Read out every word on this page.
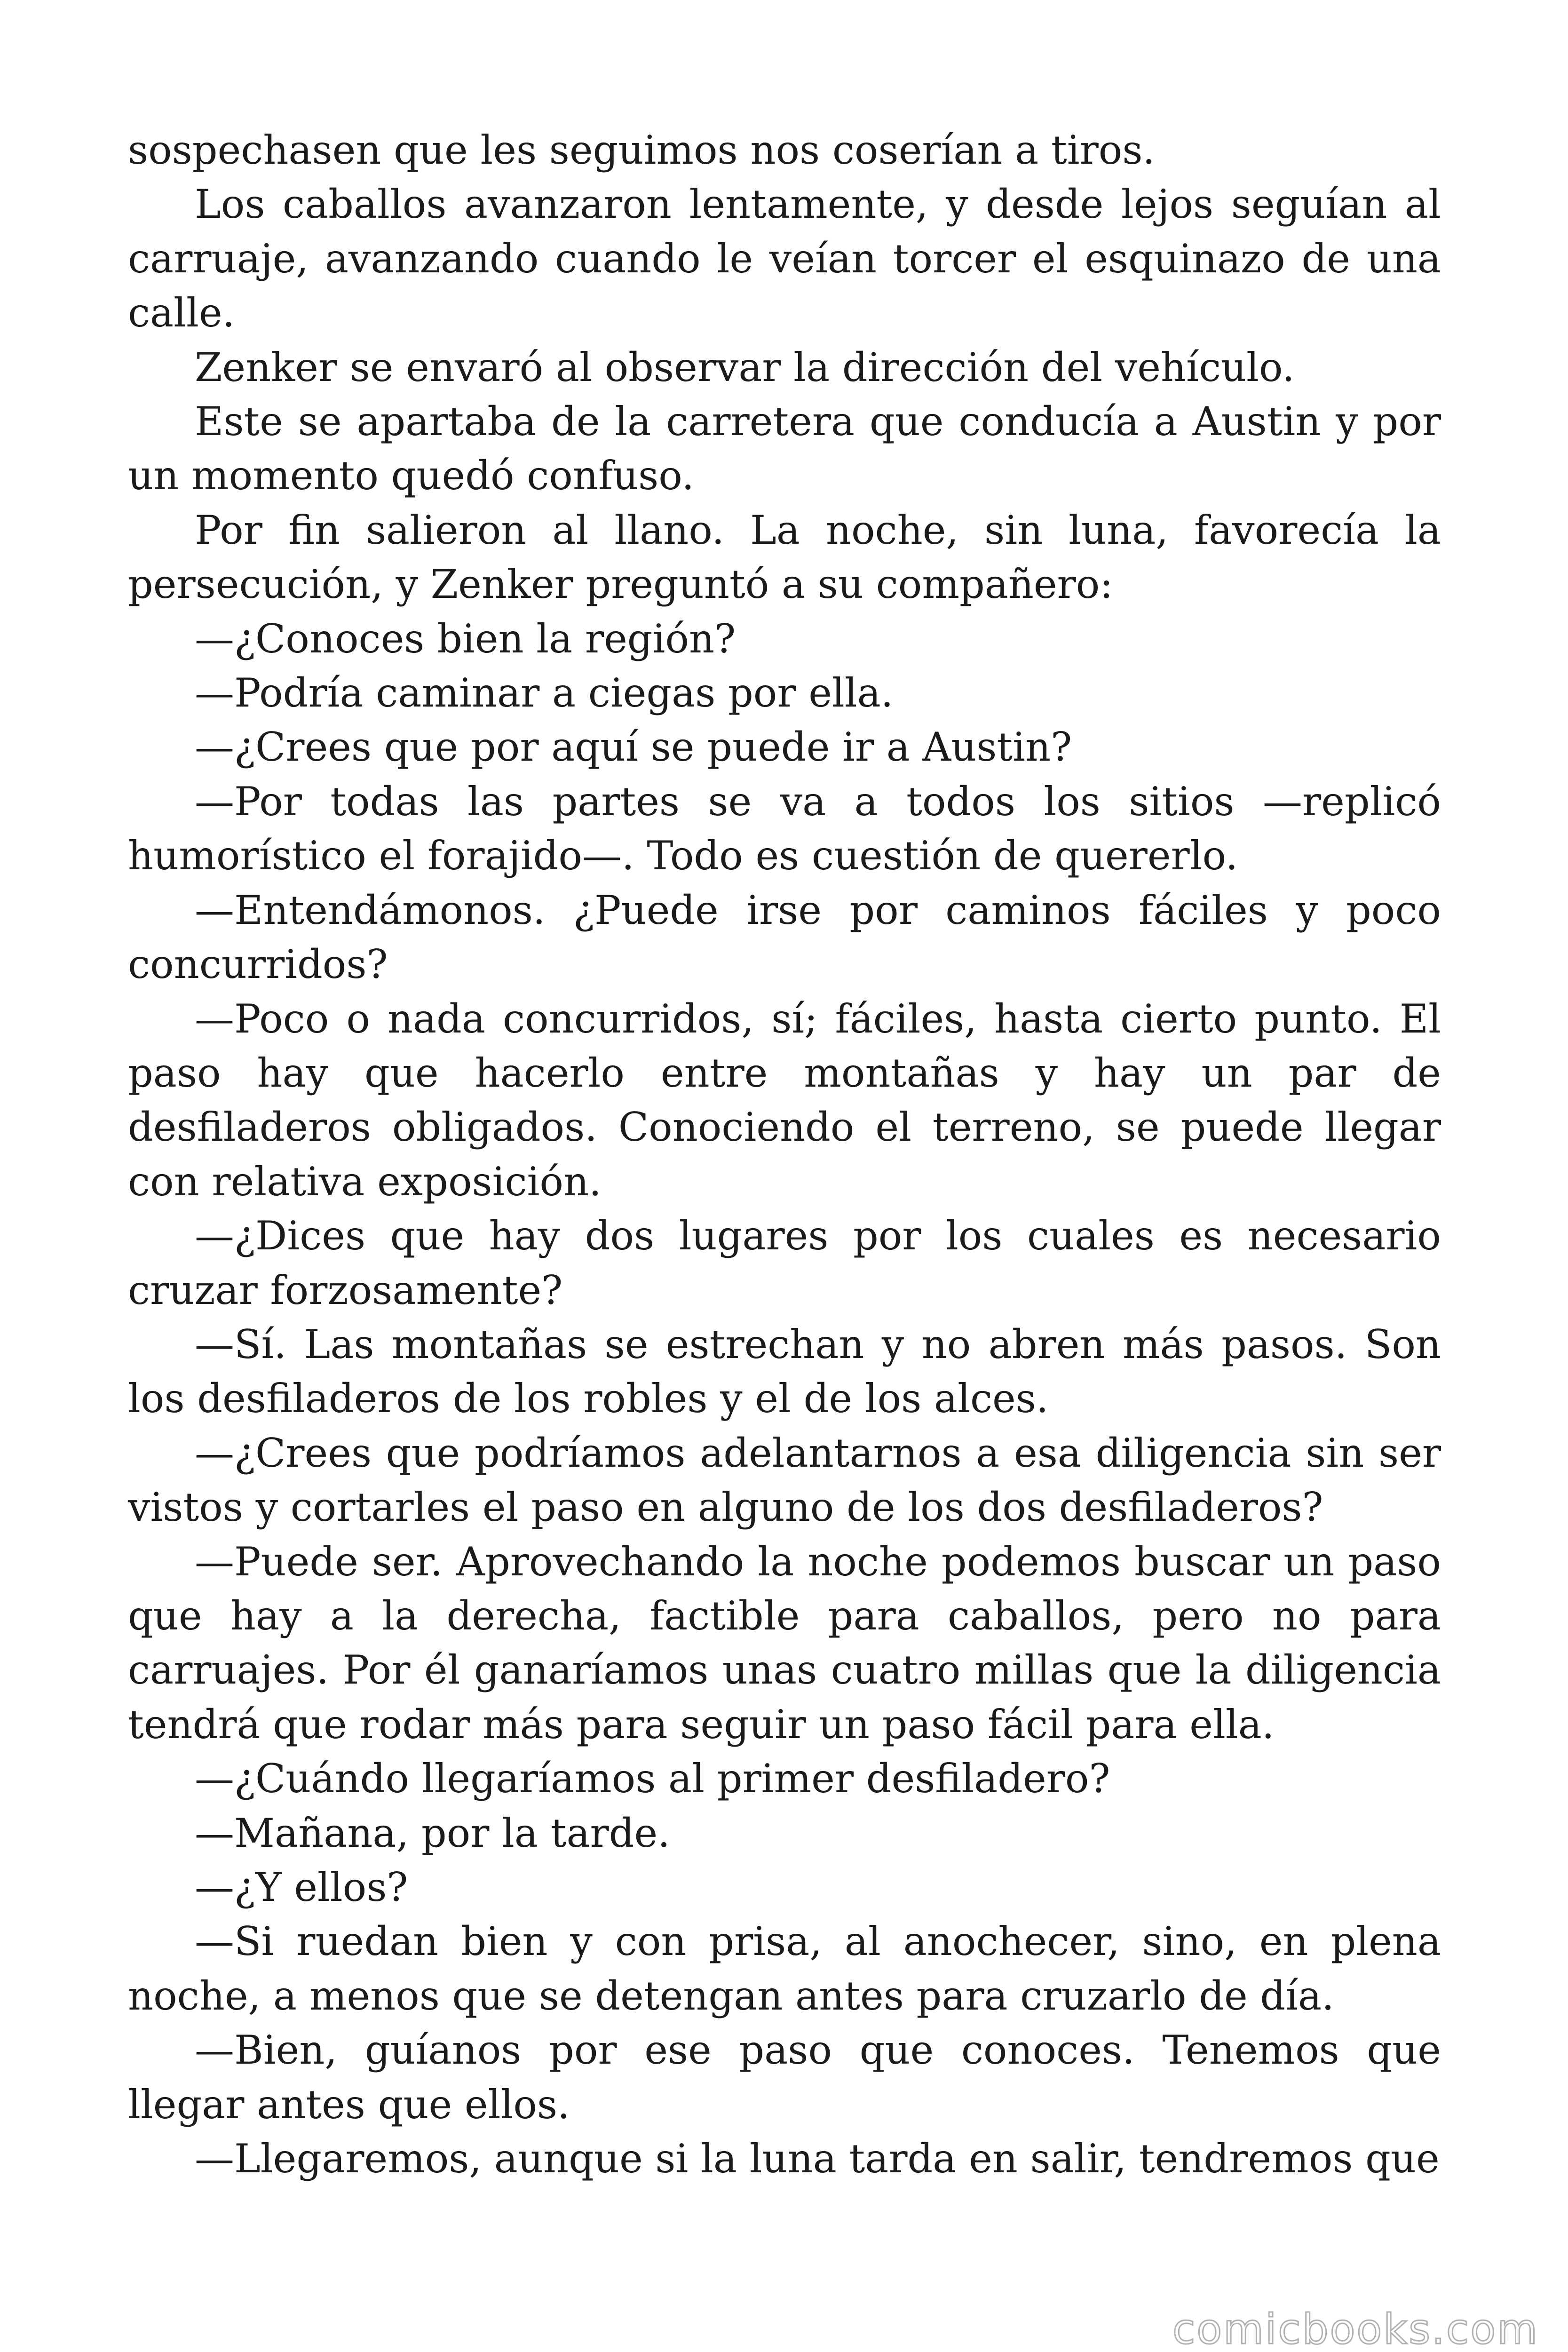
sospechasen que les seguimos nos coserían a tiros.

Los caballos avanzaron lentamente, y desde lejos seguían al carruaje, avanzando cuando le veían torcer el esquinazo de una calle.

Zenker se envaró al observar la dirección del vehículo.

Este se apartaba de la carretera que conducía a Austin y por un momento quedó confuso.

Por fin salieron al llano. La noche, sin luna, favorecía la persecución, y Zenker preguntó a su compañero:

—¿Conoces bien la región?

—Podría caminar a ciegas por ella.

—¿Crees que por aquí se puede ir a Austin?

—Por todas las partes se va a todos los sitios —replicó humorístico el forajido—. Todo es cuestión de quererlo.

—Entendámonos. ¿Puede irse por caminos fáciles y poco concurridos?

—Poco o nada concurridos, sí; fáciles, hasta cierto punto. El paso hay que hacerlo entre montañas y hay un par de desfiladeros obligados. Conociendo el terreno, se puede llegar con relativa exposición.

—¿Dices que hay dos lugares por los cuales es necesario cruzar forzosamente?

—Sí. Las montañas se estrechan y no abren más pasos. Son los desfiladeros de los robles y el de los alces.

—¿Crees que podríamos adelantarnos a esa diligencia sin ser vistos y cortarles el paso en alguno de los dos desfiladeros?

—Puede ser. Aprovechando la noche podemos buscar un paso que hay a la derecha, factible para caballos, pero no para carruajes. Por él ganaríamos unas cuatro millas que la diligencia tendrá que rodar más para seguir un paso fácil para ella.

—¿Cuándo llegaríamos al primer desfiladero?

—Mañana, por la tarde.

—¿Y ellos?

—Si ruedan bien y con prisa, al anochecer, sino, en plena noche, a menos que se detengan antes para cruzarlo de día.

—Bien, guíanos por ese paso que conoces. Tenemos que llegar antes que ellos.

—Llegaremos, aunque si la luna tarda en salir, tendremos que

comicbooks.com
